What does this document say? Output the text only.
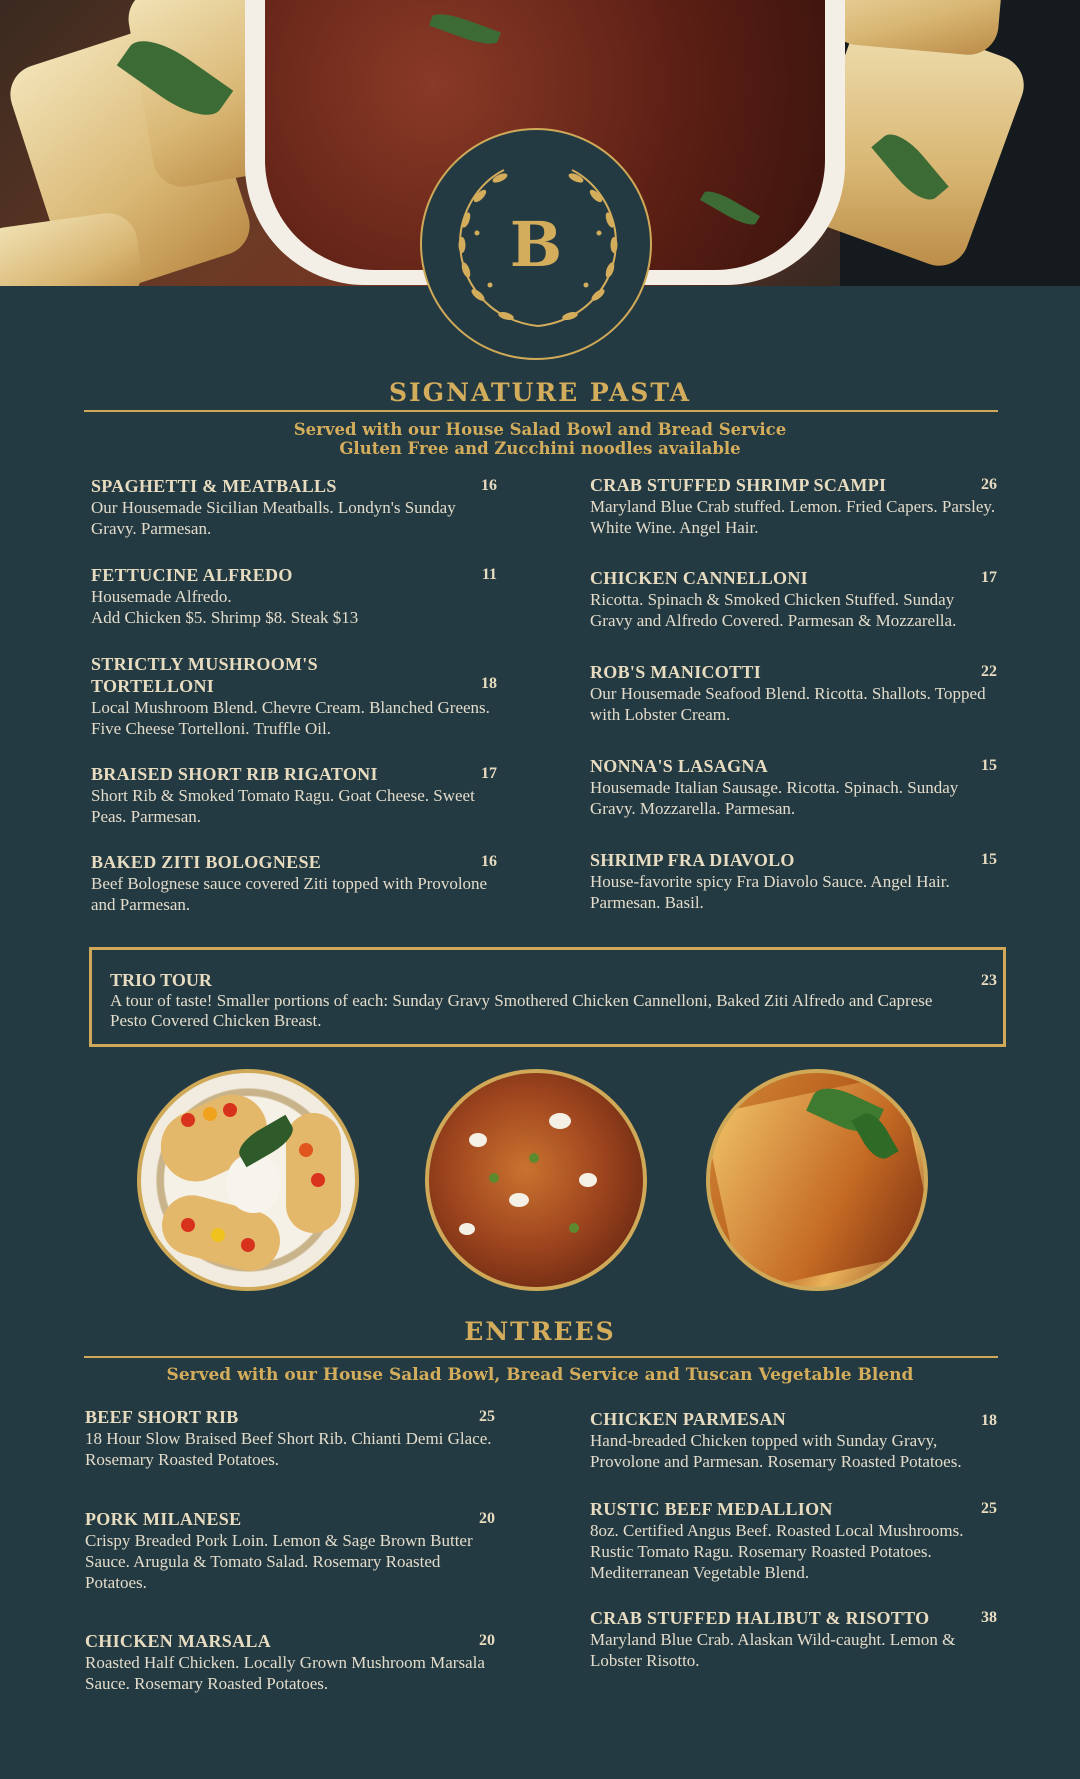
B
SIGNATURE PASTA
Served with our House Salad Bowl and Bread Service
Gluten Free and Zucchini noodles available
SPAGHETTI & MEATBALLS	16
Our Housemade Sicilian Meatballs. Londyn's Sunday Gravy. Parmesan.
FETTUCINE ALFREDO	11
Housemade Alfredo.
Add Chicken $5. Shrimp $8. Steak $13
STRICTLY MUSHROOM'S TORTELLONI	18
Local Mushroom Blend. Chevre Cream. Blanched Greens. Five Cheese Tortelloni. Truffle Oil.
BRAISED SHORT RIB RIGATONI	17
Short Rib & Smoked Tomato Ragu. Goat Cheese. Sweet Peas. Parmesan.
BAKED ZITI BOLOGNESE	16
Beef Bolognese sauce covered Ziti topped with Provolone and Parmesan.
CRAB STUFFED SHRIMP SCAMPI	26
Maryland Blue Crab stuffed. Lemon. Fried Capers. Parsley. White Wine. Angel Hair.
CHICKEN CANNELLONI	17
Ricotta. Spinach & Smoked Chicken Stuffed. Sunday Gravy and Alfredo Covered. Parmesan & Mozzarella.
ROB'S MANICOTTI	22
Our Housemade Seafood Blend. Ricotta. Shallots. Topped with Lobster Cream.
NONNA'S LASAGNA	15
Housemade Italian Sausage. Ricotta. Spinach. Sunday Gravy. Mozzarella. Parmesan.
SHRIMP FRA DIAVOLO	15
House-favorite spicy Fra Diavolo Sauce. Angel Hair. Parmesan. Basil.
TRIO TOUR	23
A tour of taste! Smaller portions of each: Sunday Gravy Smothered Chicken Cannelloni, Baked Ziti Alfredo and Caprese Pesto Covered Chicken Breast.
ENTREES
Served with our House Salad Bowl, Bread Service and Tuscan Vegetable Blend
BEEF SHORT RIB	25
18 Hour Slow Braised Beef Short Rib. Chianti Demi Glace. Rosemary Roasted Potatoes.
PORK MILANESE	20
Crispy Breaded Pork Loin. Lemon & Sage Brown Butter Sauce. Arugula & Tomato Salad. Rosemary Roasted Potatoes.
CHICKEN MARSALA	20
Roasted Half Chicken. Locally Grown Mushroom Marsala Sauce. Rosemary Roasted Potatoes.
CHICKEN PARMESAN	18
Hand-breaded Chicken topped with Sunday Gravy, Provolone and Parmesan. Rosemary Roasted Potatoes.
RUSTIC BEEF MEDALLION	25
8oz. Certified Angus Beef. Roasted Local Mushrooms. Rustic Tomato Ragu. Rosemary Roasted Potatoes. Mediterranean Vegetable Blend.
CRAB STUFFED HALIBUT & RISOTTO	38
Maryland Blue Crab. Alaskan Wild-caught. Lemon & Lobster Risotto.
